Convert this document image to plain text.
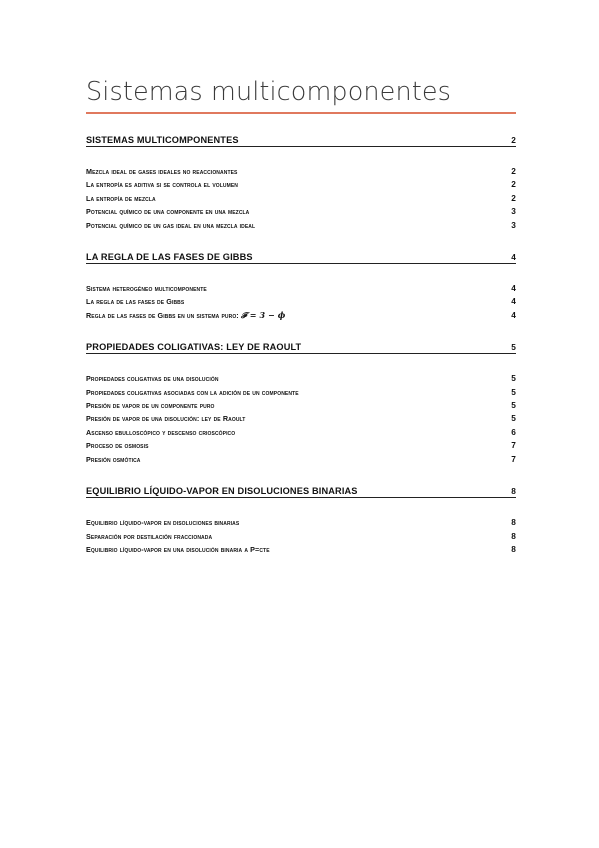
Sistemas multicomponentes
SISTEMAS MULTICOMPONENTES	2
Mezcla ideal de gases ideales no reaccionantes	2
La entropía es aditiva si se controla el volumen	2
La entropía de mezcla	2
Potencial químico de una componente en una mezcla	3
Potencial químico de un gas ideal en una mezcla ideal	3
LA REGLA DE LAS FASES DE GIBBS	4
Sistema heterogéneo multicomponente	4
La regla de las fases de Gibbs	4
Regla de las fases de Gibbs en un sistema puro: 𝓕 = 3 − ϕ	4
PROPIEDADES COLIGATIVAS: LEY DE RAOULT	5
Propiedades coligativas de una disolución	5
Propiedades coligativas asociadas con la adición de un componente	5
Presión de vapor de un componente puro	5
Presión de vapor de una disolución: ley de Raoult	5
Ascenso ebulloscópico y descenso crioscópico	6
Proceso de osmosis	7
Presión osmótica	7
EQUILIBRIO LÍQUIDO-VAPOR EN DISOLUCIONES BINARIAS	8
Equilibrio líquido-vapor en disoluciones binarias	8
Separación por destilación fraccionada	8
Equilibrio líquido-vapor en una disolución binaria a P=cte	8
